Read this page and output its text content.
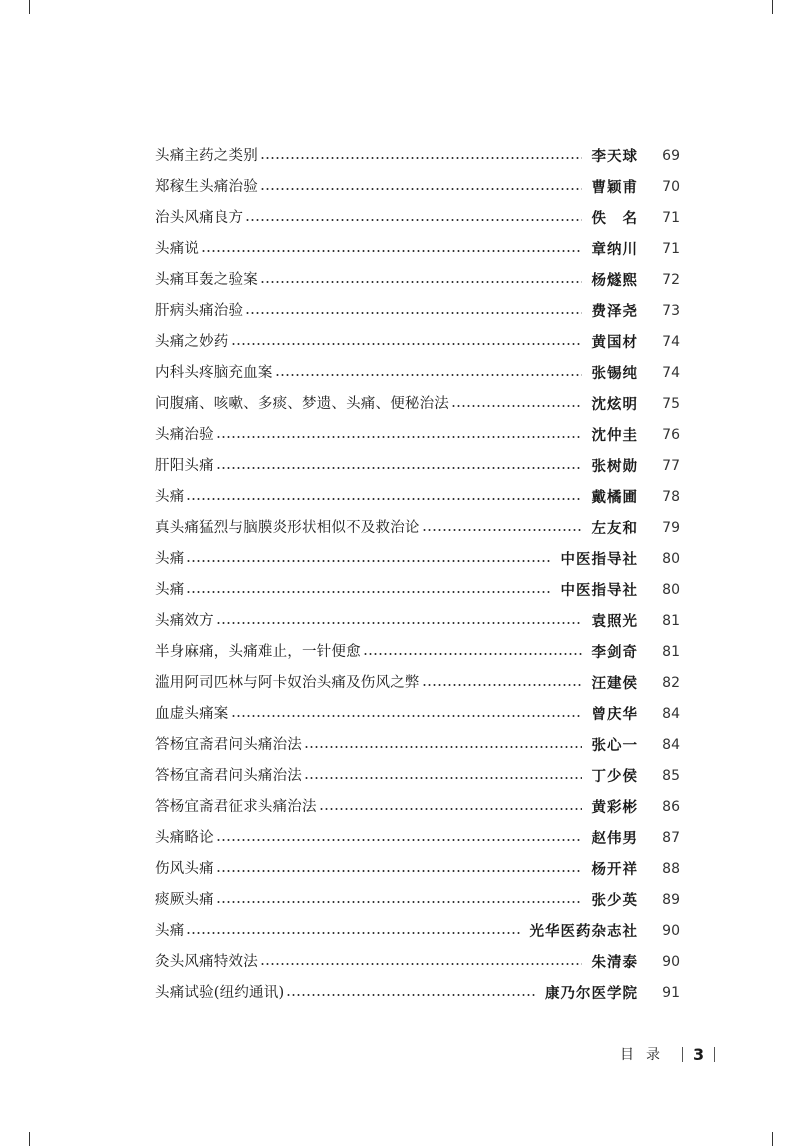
头痛主药之类别	李天球	69
郑稼生头痛治验	曹颖甫	70
治头风痛良方	佚　名	71
头痛说	章纳川	71
头痛耳轰之验案	杨燧熙	72
肝病头痛治验	费泽尧	73
头痛之妙药	黄国材	74
内科头疼脑充血案	张锡纯	74
问腹痛、咳嗽、多痰、梦遗、头痛、便秘治法	沈炫明	75
头痛治验	沈仲圭	76
肝阳头痛	张树勋	77
头痛	戴橘圃	78
真头痛猛烈与脑膜炎形状相似不及救治论	左友和	79
头痛	中医指导社	80
头痛	中医指导社	80
头痛效方	袁照光	81
半身麻痛，头痛难止，一针便愈	李剑奇	81
滥用阿司匹林与阿卡奴治头痛及伤风之弊	汪建侯	82
血虚头痛案	曾庆华	84
答杨宜斋君问头痛治法	张心一	84
答杨宜斋君问头痛治法	丁少侯	85
答杨宜斋君征求头痛治法	黄彩彬	86
头痛略论	赵伟男	87
伤风头痛	杨开祥	88
痰厥头痛	张少英	89
头痛	光华医药杂志社	90
灸头风痛特效法	朱清泰	90
头痛试验(纽约通讯)	康乃尔医学院	91
目录 3
